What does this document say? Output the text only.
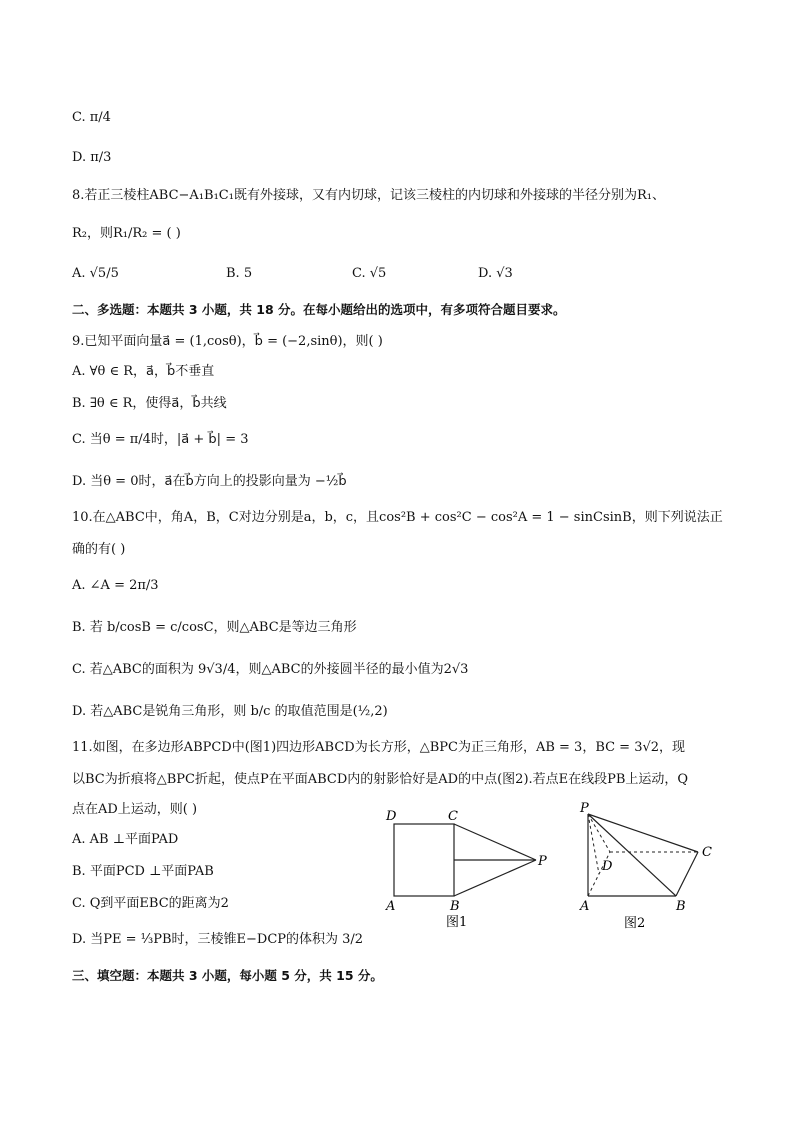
C. π/4
D. π/3
8.若正三棱柱ABC−A₁B₁C₁既有外接球，又有内切球，记该三棱柱的内切球和外接球的半径分别为R₁、
R₂，则R₁/R₂ = ( )
A. √5/5	B. 5	C. √5	D. √3
二、多选题：本题共 3 小题，共 18 分。在每小题给出的选项中，有多项符合题目要求。
9.已知平面向量a⃗ = (1,cosθ)，b⃗ = (−2,sinθ)，则( )
A. ∀θ ∈ R，a⃗，b⃗不垂直
B. ∃θ ∈ R，使得a⃗，b⃗共线
C. 当θ = π/4时，|a⃗ + b⃗| = 3
D. 当θ = 0时，a⃗在b⃗方向上的投影向量为 −½b⃗
10.在△ABC中，角A，B，C对边分别是a，b，c，且cos²B + cos²C − cos²A = 1 − sinCsinB，则下列说法正
确的有( )
A. ∠A = 2π/3
B. 若 b/cosB = c/cosC，则△ABC是等边三角形
C. 若△ABC的面积为 9√3/4，则△ABC的外接圆半径的最小值为2√3
D. 若△ABC是锐角三角形，则 b/c 的取值范围是(½,2)
11.如图，在多边形ABPCD中(图1)四边形ABCD为长方形，△BPC为正三角形，AB = 3，BC = 3√2，现
以BC为折痕将△BPC折起，使点P在平面ABCD内的射影恰好是AD的中点(图2).若点E在线段PB上运动，Q
点在AD上运动，则( )
A. AB ⊥平面PAD
B. 平面PCD ⊥平面PAB
C. Q到平面EBC的距离为2
D. 当PE = ⅓PB时，三棱锥E−DCP的体积为 3/2
三、填空题：本题共 3 小题，每小题 5 分，共 15 分。
D	C
P
A	B
图1
P
C
D
A	B
图2
